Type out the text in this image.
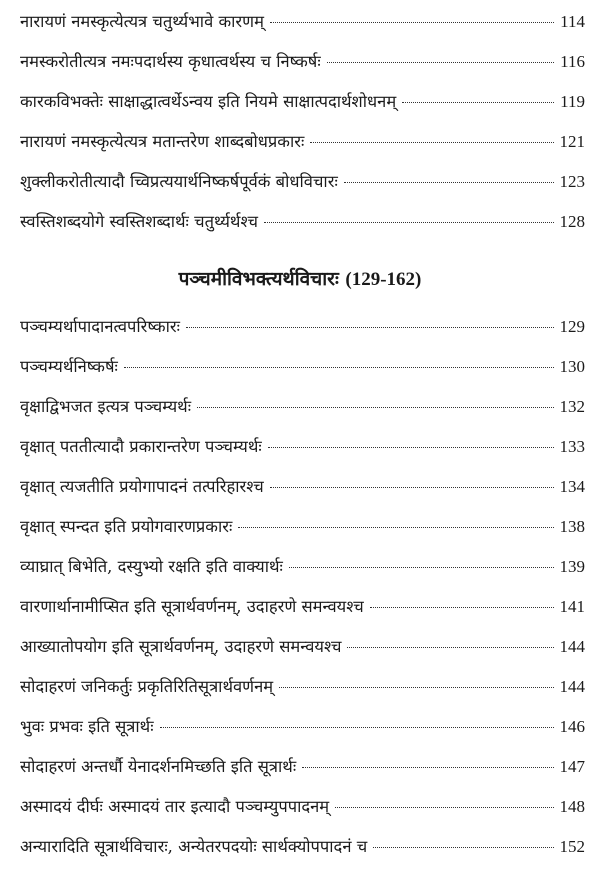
नारायणं नमस्कृत्येत्यत्र चतुर्थ्यभावे कारणम्	114
नमस्करोतीत्यत्र नमःपदार्थस्य कृधात्वर्थस्य च निष्कर्षः	116
कारकविभक्तेः साक्षाद्धात्वर्थेऽन्वय इति नियमे साक्षात्पदार्थशोधनम्	119
नारायणं नमस्कृत्येत्यत्र मतान्तरेण शाब्दबोधप्रकारः	121
शुक्लीकरोतीत्यादौ च्विप्रत्ययार्थनिष्कर्षपूर्वकं बोधविचारः	123
स्वस्तिशब्दयोगे स्वस्तिशब्दार्थः चतुर्थ्यर्थश्च	128
पञ्चमीविभक्त्यर्थविचारः (129-162)
पञ्चम्यर्थापादानत्वपरिष्कारः	129
पञ्चम्यर्थनिष्कर्षः	130
वृक्षाद्विभजत इत्यत्र पञ्चम्यर्थः	132
वृक्षात् पततीत्यादौ प्रकारान्तरेण पञ्चम्यर्थः	133
वृक्षात् त्यजतीति प्रयोगापादनं तत्परिहारश्च	134
वृक्षात् स्पन्दत इति प्रयोगवारणप्रकारः	138
व्याघ्रात् बिभेति, दस्युभ्यो रक्षति इति वाक्यार्थः	139
वारणार्थानामीप्सित इति सूत्रार्थवर्णनम्, उदाहरणे समन्वयश्च	141
आख्यातोपयोग इति सूत्रार्थवर्णनम्, उदाहरणे समन्वयश्च	144
सोदाहरणं जनिकर्तुः प्रकृतिरितिसूत्रार्थवर्णनम्	144
भुवः प्रभवः इति सूत्रार्थः	146
सोदाहरणं अन्तर्धौ येनादर्शनमिच्छति इति सूत्रार्थः	147
अस्मादयं दीर्घः अस्मादयं तार इत्यादौ पञ्चम्युपपादनम्	148
अन्यारादिति सूत्रार्थविचारः, अन्येतरपदयोः सार्थक्योपपादनं च	152
